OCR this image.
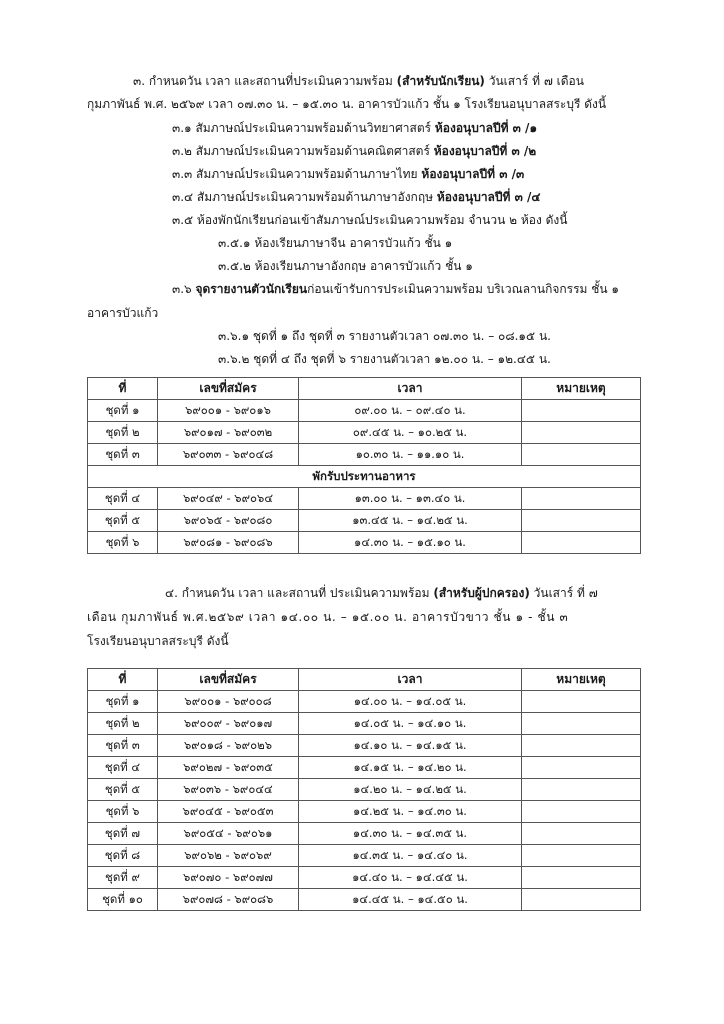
๓. กำหนดวัน เวลา และสถานที่ประเมินความพร้อม (สำหรับนักเรียน) วันเสาร์ ที่ ๗ เดือน
กุมภาพันธ์ พ.ศ. ๒๕๖๙ เวลา ๐๗.๓๐ น. – ๑๕.๓๐ น. อาคารบัวแก้ว ชั้น ๑ โรงเรียนอนุบาลสระบุรี ดังนี้
๓.๑ สัมภาษณ์ประเมินความพร้อมด้านวิทยาศาสตร์ ห้องอนุบาลปีที่ ๓ /๑
๓.๒ สัมภาษณ์ประเมินความพร้อมด้านคณิตศาสตร์ ห้องอนุบาลปีที่ ๓ /๒
๓.๓ สัมภาษณ์ประเมินความพร้อมด้านภาษาไทย ห้องอนุบาลปีที่ ๓ /๓
๓.๔ สัมภาษณ์ประเมินความพร้อมด้านภาษาอังกฤษ ห้องอนุบาลปีที่ ๓ /๔
๓.๕ ห้องพักนักเรียนก่อนเข้าสัมภาษณ์ประเมินความพร้อม จำนวน ๒ ห้อง ดังนี้
๓.๕.๑ ห้องเรียนภาษาจีน อาคารบัวแก้ว ชั้น ๑
๓.๕.๒ ห้องเรียนภาษาอังกฤษ อาคารบัวแก้ว ชั้น ๑
๓.๖ จุดรายงานตัวนักเรียนก่อนเข้ารับการประเมินความพร้อม บริเวณลานกิจกรรม ชั้น ๑
อาคารบัวแก้ว
๓.๖.๑ ชุดที่ ๑ ถึง ชุดที่ ๓ รายงานตัวเวลา ๐๗.๓๐ น. – ๐๘.๑๕ น.
๓.๖.๒ ชุดที่ ๔ ถึง ชุดที่ ๖ รายงานตัวเวลา ๑๒.๐๐ น. – ๑๒.๔๕ น.
ที่	เลขที่สมัคร	เวลา	หมายเหตุ
ชุดที่ ๑	๖๙๐๐๑ - ๖๙๐๑๖	๐๙.๐๐ น. – ๐๙.๔๐ น.	
ชุดที่ ๒	๖๙๐๑๗ - ๖๙๐๓๒	๐๙.๔๕ น. – ๑๐.๒๕ น.	
ชุดที่ ๓	๖๙๐๓๓ - ๖๙๐๔๘	๑๐.๓๐ น. – ๑๑.๑๐ น.	
พักรับประทานอาหาร			
ชุดที่ ๔	๖๙๐๔๙ - ๖๙๐๖๔	๑๓.๐๐ น. – ๑๓.๔๐ น.	
ชุดที่ ๕	๖๙๐๖๕ - ๖๙๐๘๐	๑๓.๔๕ น. – ๑๔.๒๕ น.	
ชุดที่ ๖	๖๙๐๘๑ - ๖๙๐๘๖	๑๔.๓๐ น. – ๑๕.๑๐ น.	
๔. กำหนดวัน เวลา และสถานที่ ประเมินความพร้อม (สำหรับผู้ปกครอง) วันเสาร์ ที่ ๗
เดือน กุมภาพันธ์ พ.ศ.๒๕๖๙ เวลา ๑๔.๐๐ น. – ๑๕.๐๐ น. อาคารบัวขาว ชั้น ๑ - ชั้น ๓
โรงเรียนอนุบาลสระบุรี ดังนี้
ที่	เลขที่สมัคร	เวลา	หมายเหตุ
ชุดที่ ๑	๖๙๐๐๑ - ๖๙๐๐๘	๑๔.๐๐ น. – ๑๔.๐๕ น.	
ชุดที่ ๒	๖๙๐๐๙ - ๖๙๐๑๗	๑๔.๐๕ น. – ๑๔.๑๐ น.	
ชุดที่ ๓	๖๙๐๑๘ - ๖๙๐๒๖	๑๔.๑๐ น. – ๑๔.๑๕ น.	
ชุดที่ ๔	๖๙๐๒๗ - ๖๙๐๓๕	๑๔.๑๕ น. – ๑๔.๒๐ น.	
ชุดที่ ๕	๖๙๐๓๖ - ๖๙๐๔๔	๑๔.๒๐ น. – ๑๔.๒๕ น.	
ชุดที่ ๖	๖๙๐๔๕ - ๖๙๐๕๓	๑๔.๒๕ น. – ๑๔.๓๐ น.	
ชุดที่ ๗	๖๙๐๕๔ - ๖๙๐๖๑	๑๔.๓๐ น. – ๑๔.๓๕ น.	
ชุดที่ ๘	๖๙๐๖๒ - ๖๙๐๖๙	๑๔.๓๕ น. – ๑๔.๔๐ น.	
ชุดที่ ๙	๖๙๐๗๐ - ๖๙๐๗๗	๑๔.๔๐ น. – ๑๔.๔๕ น.	
ชุดที่ ๑๐	๖๙๐๗๘ - ๖๙๐๘๖	๑๔.๔๕ น. – ๑๔.๕๐ น.	
